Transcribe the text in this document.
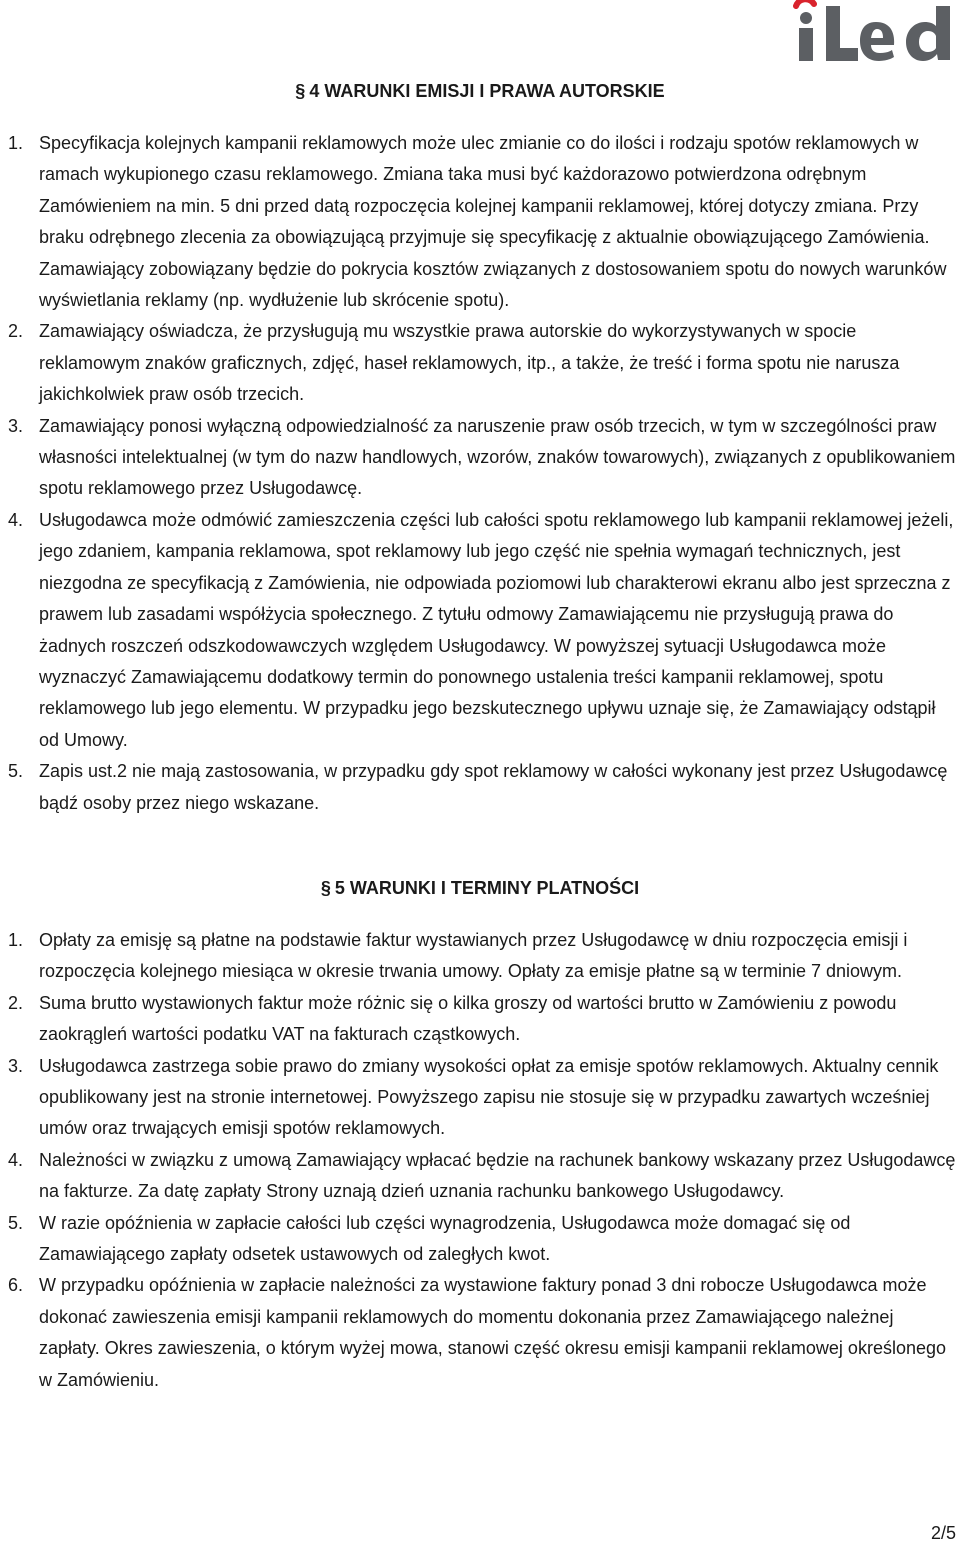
§ 4 WARUNKI EMISJI I PRAWA AUTORSKIE
1. Specyfikacja kolejnych kampanii reklamowych może ulec zmianie co do ilości i rodzaju spotów reklamowych w ramach wykupionego czasu reklamowego. Zmiana taka musi być każdorazowo potwierdzona odrębnym Zamówieniem na min. 5 dni przed datą rozpoczęcia kolejnej kampanii reklamowej, której dotyczy zmiana. Przy braku odrębnego zlecenia za obowiązującą przyjmuje się specyfikację z aktualnie obowiązującego Zamówienia. Zamawiający zobowiązany będzie do pokrycia kosztów związanych z dostosowaniem spotu do nowych warunków wyświetlania reklamy (np. wydłużenie lub skrócenie spotu).
2. Zamawiający oświadcza, że przysługują mu wszystkie prawa autorskie do wykorzystywanych w spocie reklamowym znaków graficznych, zdjęć, haseł reklamowych, itp., a także, że treść i forma spotu nie narusza jakichkolwiek praw osób trzecich.
3. Zamawiający ponosi wyłączną odpowiedzialność za naruszenie praw osób trzecich, w tym w szczególności praw własności intelektualnej (w tym do nazw handlowych, wzorów, znaków towarowych), związanych z opublikowaniem spotu reklamowego przez Usługodawcę.
4. Usługodawca może odmówić zamieszczenia części lub całości spotu reklamowego lub kampanii reklamowej jeżeli, jego zdaniem, kampania reklamowa, spot reklamowy lub jego część nie spełnia wymagań technicznych, jest niezgodna ze specyfikacją z Zamówienia, nie odpowiada poziomowi lub charakterowi ekranu albo jest sprzeczna z prawem lub zasadami współżycia społecznego. Z tytułu odmowy Zamawiającemu nie przysługują prawa do żadnych roszczeń odszkodowawczych względem Usługodawcy. W powyższej sytuacji Usługodawca może wyznaczyć Zamawiającemu dodatkowy termin do ponownego ustalenia treści kampanii reklamowej, spotu reklamowego lub jego elementu. W przypadku jego bezskutecznego upływu uznaje się, że Zamawiający odstąpił od Umowy.
5. Zapis ust.2 nie mają zastosowania, w przypadku gdy spot reklamowy w całości wykonany jest przez Usługodawcę bądź osoby przez niego wskazane.
§ 5 WARUNKI I TERMINY PLATNOŚCI
1. Opłaty za emisję są płatne na podstawie faktur wystawianych przez Usługodawcę w dniu rozpoczęcia emisji i rozpoczęcia kolejnego miesiąca w okresie trwania umowy. Opłaty za emisje płatne są w terminie 7 dniowym.
2. Suma brutto wystawionych faktur może różnic się o kilka groszy od wartości brutto w Zamówieniu z powodu zaokrągleń wartości podatku VAT na fakturach cząstkowych.
3. Usługodawca zastrzega sobie prawo do zmiany wysokości opłat za emisje spotów reklamowych. Aktualny cennik opublikowany jest na stronie internetowej. Powyższego zapisu nie stosuje się w przypadku zawartych wcześniej umów oraz trwających emisji spotów reklamowych.
4. Należności w związku z umową Zamawiający wpłacać będzie na rachunek bankowy wskazany przez Usługodawcę na fakturze. Za datę zapłaty Strony uznają dzień uznania rachunku bankowego Usługodawcy.
5. W razie opóźnienia w zapłacie całości lub części wynagrodzenia, Usługodawca może domagać się od Zamawiającego zapłaty odsetek ustawowych od zaległych kwot.
6. W przypadku opóźnienia w zapłacie należności za wystawione faktury ponad 3 dni robocze Usługodawca może dokonać zawieszenia emisji kampanii reklamowych do momentu dokonania przez Zamawiającego należnej zapłaty. Okres zawieszenia, o którym wyżej mowa, stanowi część okresu emisji kampanii reklamowej określonego w Zamówieniu.
2/5
